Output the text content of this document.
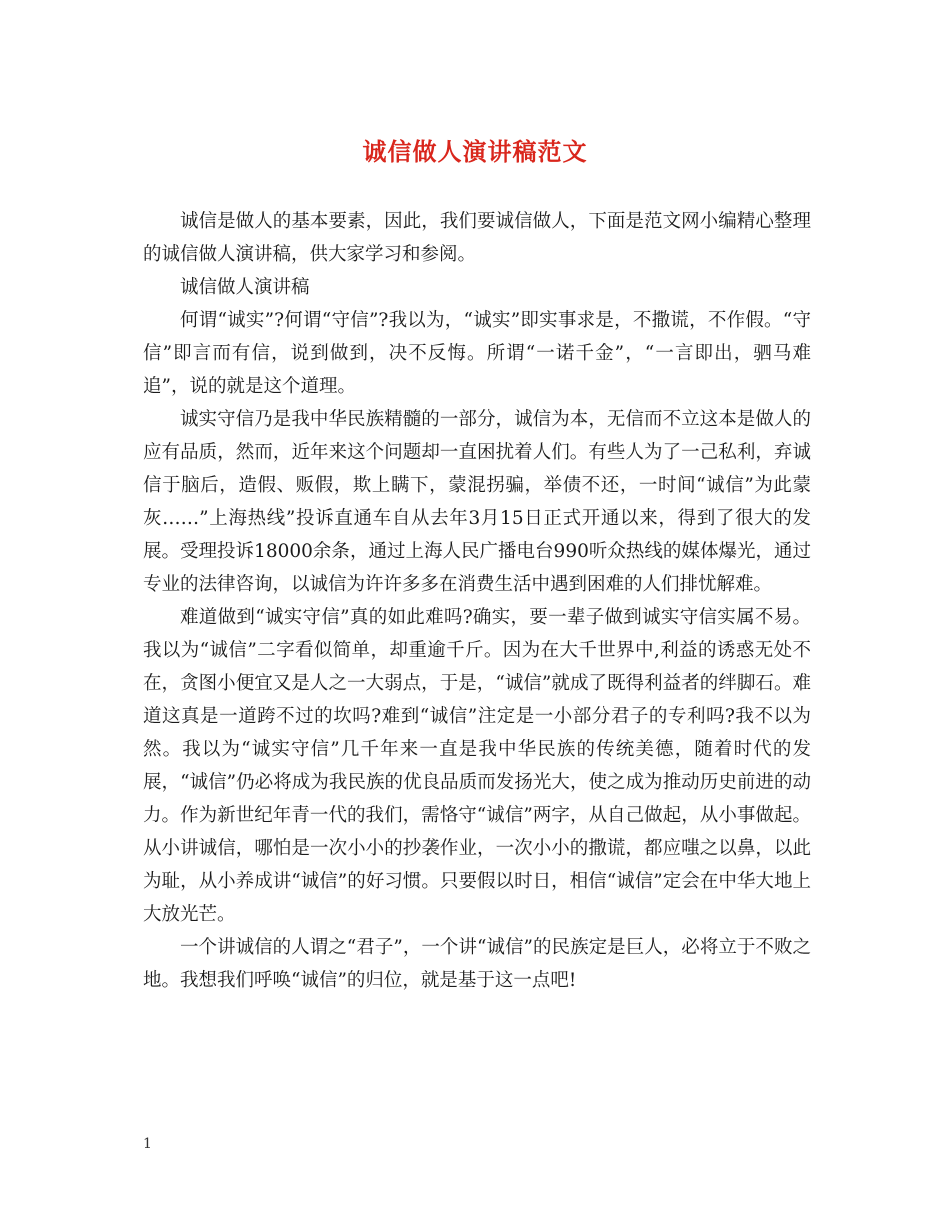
诚信做人演讲稿范文

诚信是做人的基本要素，因此，我们要诚信做人，下面是范文网小编精心整理的诚信做人演讲稿，供大家学习和参阅。

诚信做人演讲稿

何谓“诚实”?何谓“守信”?我以为，“诚实”即实事求是，不撒谎，不作假。“守信”即言而有信，说到做到，决不反悔。所谓“一诺千金”，“一言即出，驷马难追”，说的就是这个道理。

诚实守信乃是我中华民族精髓的一部分，诚信为本，无信而不立这本是做人的应有品质，然而，近年来这个问题却一直困扰着人们。有些人为了一己私利，弃诚信于脑后，造假、贩假，欺上瞒下，蒙混拐骗，举债不还，一时间“诚信”为此蒙灰……”上海热线”投诉直通车自从去年3月15日正式开通以来，得到了很大的发展。受理投诉18000余条，通过上海人民广播电台990听众热线的媒体爆光，通过专业的法律咨询，以诚信为许许多多在消费生活中遇到困难的人们排忧解难。

难道做到“诚实守信”真的如此难吗?确实，要一辈子做到诚实守信实属不易。我以为“诚信”二字看似简单，却重逾千斤。因为在大千世界中,利益的诱惑无处不在，贪图小便宜又是人之一大弱点，于是，“诚信”就成了既得利益者的绊脚石。难道这真是一道跨不过的坎吗?难到“诚信”注定是一小部分君子的专利吗?我不以为然。我以为“诚实守信”几千年来一直是我中华民族的传统美德，随着时代的发展，“诚信”仍必将成为我民族的优良品质而发扬光大，使之成为推动历史前进的动力。作为新世纪年青一代的我们，需恪守“诚信”两字，从自己做起，从小事做起。从小讲诚信，哪怕是一次小小的抄袭作业，一次小小的撒谎，都应嗤之以鼻，以此为耻，从小养成讲“诚信”的好习惯。只要假以时日，相信“诚信”定会在中华大地上大放光芒。

一个讲诚信的人谓之“君子”，一个讲“诚信”的民族定是巨人，必将立于不败之地。我想我们呼唤“诚信”的归位，就是基于这一点吧!

1
